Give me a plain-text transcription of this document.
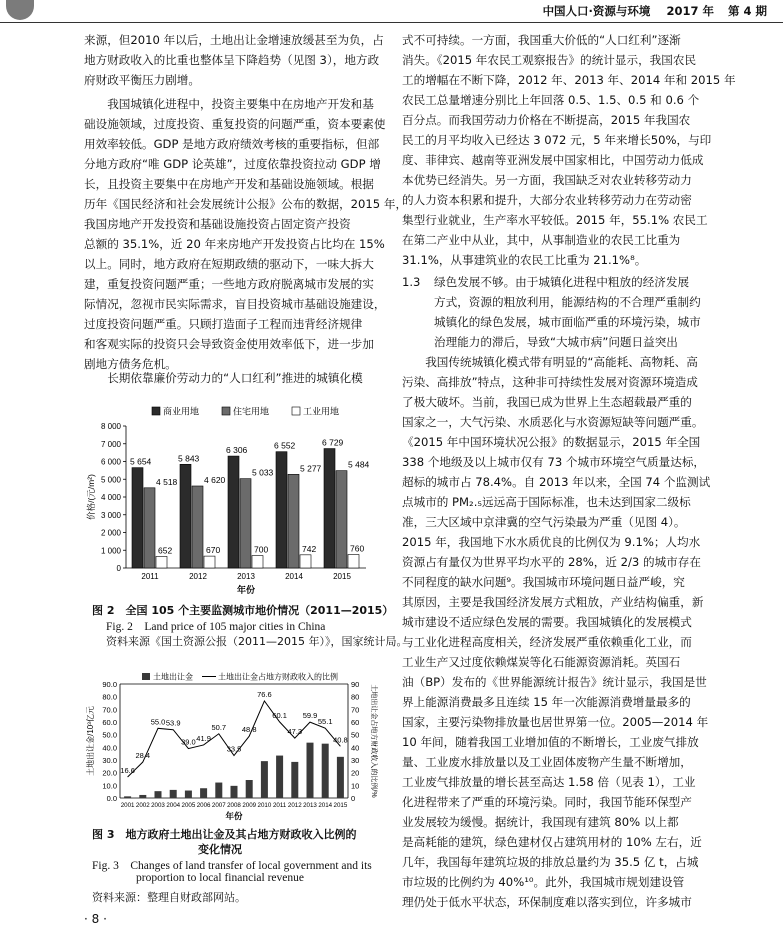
中国人口·资源与环境 2017 年 第 4 期
来源，但2010 年以后，土地出让金增速放缓甚至为负，占
地方财政收入的比重也整体呈下降趋势（见图 3），地方政
府财政平衡压力剧增。
　　我国城镇化进程中，投资主要集中在房地产开发和基
础设施领域，过度投资、重复投资的问题严重，资本要素使
用效率较低。GDP 是地方政府绩效考核的重要指标，但部
分地方政府“唯 GDP 论英雄”，过度依靠投资拉动 GDP 增
长，且投资主要集中在房地产开发和基础设施领域。根据
历年《国民经济和社会发展统计公报》公布的数据，2015 年，
我国房地产开发投资和基础设施投资占固定资产投资
总额的 35.1%，近 20 年来房地产开发投资占比均在 15%
以上。同时，地方政府在短期政绩的驱动下，一味大拆大
建，重复投资问题严重；一些地方政府脱离城市发展的实
际情况，忽视市民实际需求，盲目投资城市基础设施建设，
过度投资问题严重。只顾打造面子工程而违背经济规律
和客观实际的投资只会导致资金使用效率低下，进一步加
剧地方债务危机。
　　长期依靠廉价劳动力的“人口红利”推进的城镇化模
0
1 000
2 000
3 000
4 000
5 000
6 000
7 000
8 000
价格/(元/m²)
5 654
4 518
652
2011
5 843
4 620
670
2012
6 306
5 033
700
2013
6 552
5 277
742
2014
6 729
5 484
760
2015
年份
商业用地	住宅用地	工业用地
图 2　全国 105 个主要监测城市地价情况（2011—2015）
Fig. 2　Land price of 105 major cities in China
资料来源《国土资源公报（2011—2015 年）》，国家统计局。
0.0
10.0
20.0
30.0
40.0
50.0
60.0
70.0
80.0
90.0
0
10
20
30
40
50
60
70
80
90
土地出让金/10³亿元	土地出让金占地方财政收入的比例/%
2001 2002 2003 2004 2005 2006 2007 2008 2009 2010 2011 2012 2013 2014 2015
16.6
28.4
55.0 53.9
39.0 41.9
50.7
33.5
48.8
76.6
60.1
47.3
59.9
55.1
40.8
年份
土地出让金	土地出让金占地方财政收入的比例
图 3　地方政府土地出让金及其占地方财政收入比例的
变化情况
Fig. 3　Changes of land transfer of local government and its
proportion to local financial revenue
资料来源：整理自财政部网站。
· 8 ·
式不可持续。一方面，我国重大价低的“人口红利”逐渐
消失。《2015 年农民工观察报告》的统计显示，我国农民
工的增幅在不断下降，2012 年、2013 年、2014 年和 2015 年
农民工总量增速分别比上年回落 0.5、1.5、0.5 和 0.6 个
百分点。而我国劳动力价格在不断提高，2015 年我国农
民工的月平均收入已经达 3 072 元，5 年来增长50%，与印
度、菲律宾、越南等亚洲发展中国家相比，中国劳动力低成
本优势已经消失。另一方面，我国缺乏对农业转移劳动力
的人力资本积累和提升，大部分农业转移劳动力在劳动密
集型行业就业，生产率水平较低。2015 年，55.1% 农民工
在第二产业中从业，其中，从事制造业的农民工比重为
31.1%，从事建筑业的农民工比重为 21.1%⁸。
1.3 绿色发展不够。由于城镇化进程中粗放的经济发展
方式，资源的粗放利用，能源结构的不合理严重制约
城镇化的绿色发展，城市面临严重的环境污染，城市
治理能力的滞后，导致“大城市病”问题日益突出
　　我国传统城镇化模式带有明显的“高能耗、高物耗、高
污染、高排放”特点，这种非可持续性发展对资源环境造成
了极大破坏。当前，我国已成为世界上生态超载最严重的
国家之一，大气污染、水质恶化与水资源短缺等问题严重。
《2015 年中国环境状况公报》的数据显示，2015 年全国
338 个地级及以上城市仅有 73 个城市环境空气质量达标，
超标的城市占 78.4%。自 2013 年以来，全国 74 个监测试
点城市的 PM₂.₅远远高于国际标准，也未达到国家二级标
准，三大区域中京津冀的空气污染最为严重（见图 4）。
2015 年，我国地下水水质优良的比例仅为 9.1%；人均水
资源占有量仅为世界平均水平的 28%，近 2/3 的城市存在
不同程度的缺水问题⁹。我国城市环境问题日益严峻，究
其原因，主要是我国经济发展方式粗放，产业结构偏重，新
城市建设不适应绿色发展的需要。我国城镇化的发展模式
与工业化进程高度相关，经济发展严重依赖重化工业，而
工业生产又过度依赖煤炭等化石能源资源消耗。英国石
油（BP）发布的《世界能源统计报告》统计显示，我国是世
界上能源消费最多且连续 15 年一次能源消费增量最多的
国家，主要污染物排放量也居世界第一位。2005—2014 年
10 年间，随着我国工业增加值的不断增长，工业废气排放
量、工业废水排放量以及工业固体废物产生量不断增加，
工业废气排放量的增长甚至高达 1.58 倍（见表 1），工业
化进程带来了严重的环境污染。同时，我国节能环保型产
业发展较为缓慢。据统计，我国现有建筑 80% 以上都
是高耗能的建筑，绿色建材仅占建筑用材的 10% 左右，近
几年，我国每年建筑垃圾的排放总量约为 35.5 亿 t，占城
市垃圾的比例约为 40%¹⁰。此外，我国城市规划建设管
理仍处于低水平状态，环保制度难以落实到位，许多城市
